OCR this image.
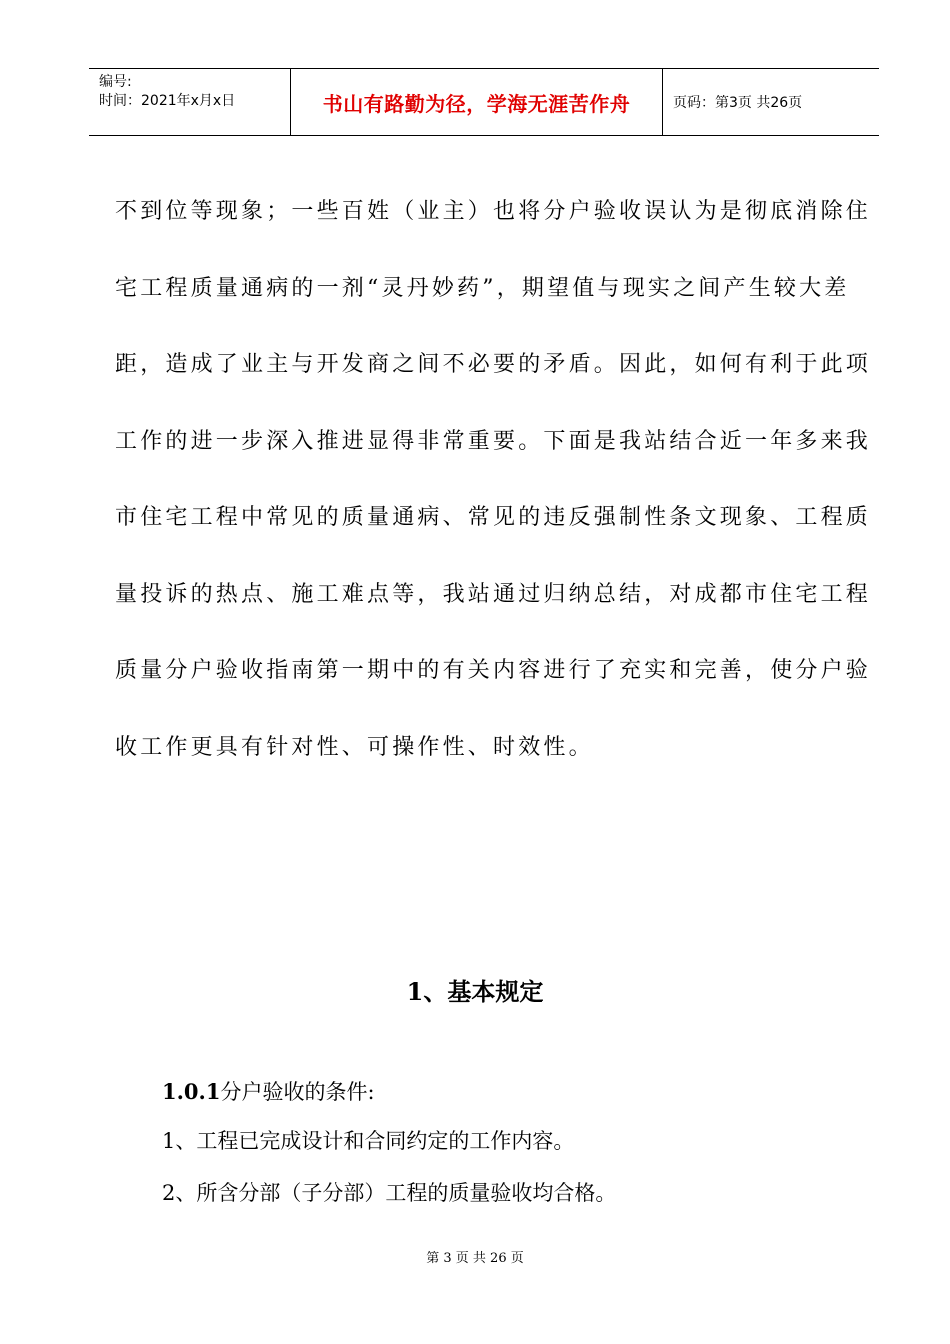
编号:
时间：2021年x月x日	书山有路勤为径，学海无涯苦作舟	页码：第3页 共26页

不到位等现象；一些百姓（业主）也将分户验收误认为是彻底消除住

宅工程质量通病的一剂“灵丹妙药”，期望值与现实之间产生较大差

距，造成了业主与开发商之间不必要的矛盾。因此，如何有利于此项

工作的进一步深入推进显得非常重要。下面是我站结合近一年多来我

市住宅工程中常见的质量通病、常见的违反强制性条文现象、工程质

量投诉的热点、施工难点等，我站通过归纳总结，对成都市住宅工程

质量分户验收指南第一期中的有关内容进行了充实和完善，使分户验

收工作更具有针对性、可操作性、时效性。

1、基本规定
1.0.1分户验收的条件:
1、工程已完成设计和合同约定的工作内容。
2、所含分部（子分部）工程的质量验收均合格。
第 3 页 共 26 页
